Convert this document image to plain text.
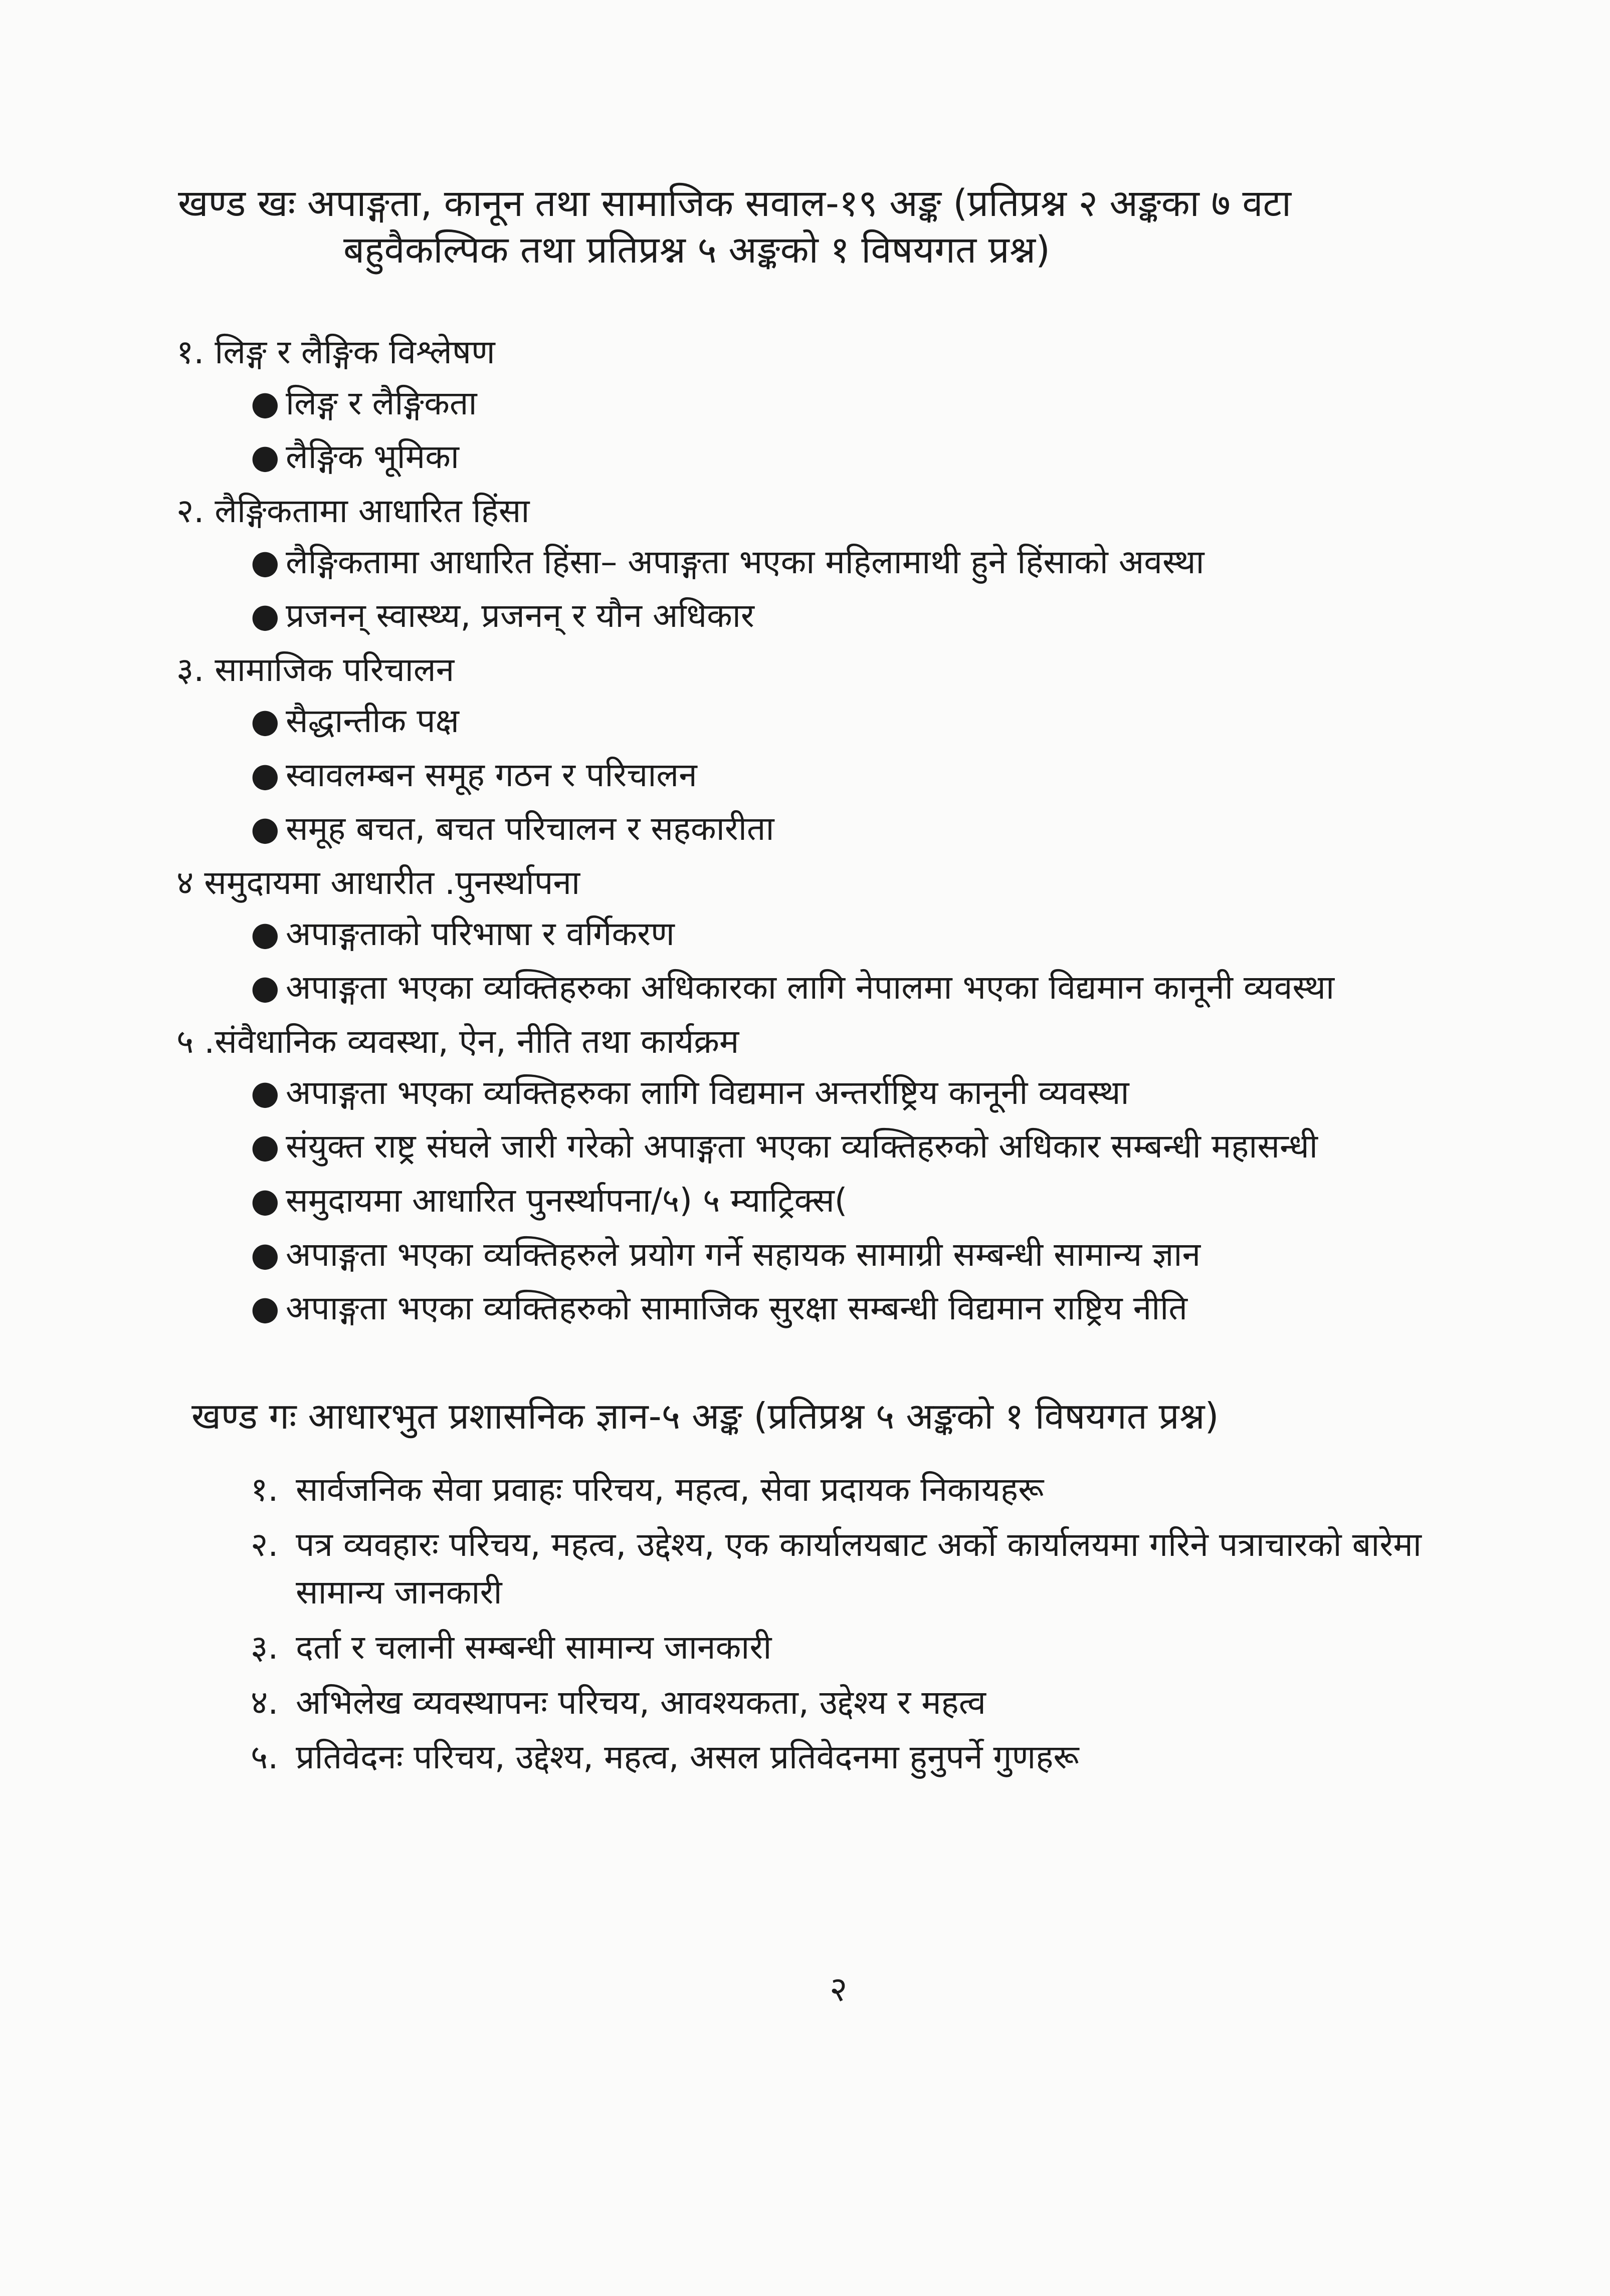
खण्ड खः अपाङ्गता, कानून तथा सामाजिक सवाल-१९ अङ्क (प्रतिप्रश्न २ अङ्कका ७ वटा
बहुवैकल्पिक तथा प्रतिप्रश्न ५ अङ्कको १ विषयगत प्रश्न)

१. लिङ्ग र लैङ्गिक विश्लेषण

● लिङ्ग र लैङ्गिकता
● लैङ्गिक भूमिका

२. लैङ्गिकतामा आधारित हिंसा

● लैङ्गिकतामा आधारित हिंसा– अपाङ्गता भएका महिलामाथी हुने हिंसाको अवस्था
● प्रजनन् स्वास्थ्य, प्रजनन् र यौन अधिकार

३. सामाजिक परिचालन

● सैद्धान्तीक पक्ष
● स्वावलम्बन समूह गठन र परिचालन
● समूह बचत, बचत परिचालन र सहकारीता

४ समुदायमा आधारीत .पुनर्स्थापना

● अपाङ्गताको परिभाषा र वर्गिकरण
● अपाङ्गता भएका व्यक्तिहरुका अधिकारका लागि नेपालमा भएका विद्यमान कानूनी व्यवस्था

५ .संवैधानिक व्यवस्था, ऐन, नीति तथा कार्यक्रम

● अपाङ्गता भएका व्यक्तिहरुका लागि विद्यमान अन्तर्राष्ट्रिय कानूनी व्यवस्था
● संयुक्त राष्ट्र संघले जारी गरेको अपाङ्गता भएका व्यक्तिहरुको अधिकार सम्बन्धी महासन्धी
● समुदायमा आधारित पुनर्स्थापना/५) ५ म्याट्रिक्स(
● अपाङ्गता भएका व्यक्तिहरुले प्रयोग गर्ने सहायक सामाग्री सम्बन्धी सामान्य ज्ञान
● अपाङ्गता भएका व्यक्तिहरुको सामाजिक सुरक्षा सम्बन्धी विद्यमान राष्ट्रिय नीति
खण्ड गः आधारभुत प्रशासनिक ज्ञान-५ अङ्क (प्रतिप्रश्न ५ अङ्कको १ विषयगत प्रश्न)
१. सार्वजनिक सेवा प्रवाहः परिचय, महत्व, सेवा प्रदायक निकायहरू
२. पत्र व्यवहारः परिचय, महत्व, उद्देश्य, एक कार्यालयबाट अर्को कार्यालयमा गरिने पत्राचारको बारेमा सामान्य जानकारी
३. दर्ता र चलानी सम्बन्धी सामान्य जानकारी
४. अभिलेख व्यवस्थापनः परिचय, आवश्यकता, उद्देश्य र महत्व
५. प्रतिवेदनः परिचय, उद्देश्य, महत्व, असल प्रतिवेदनमा हुनुपर्ने गुणहरू
२
